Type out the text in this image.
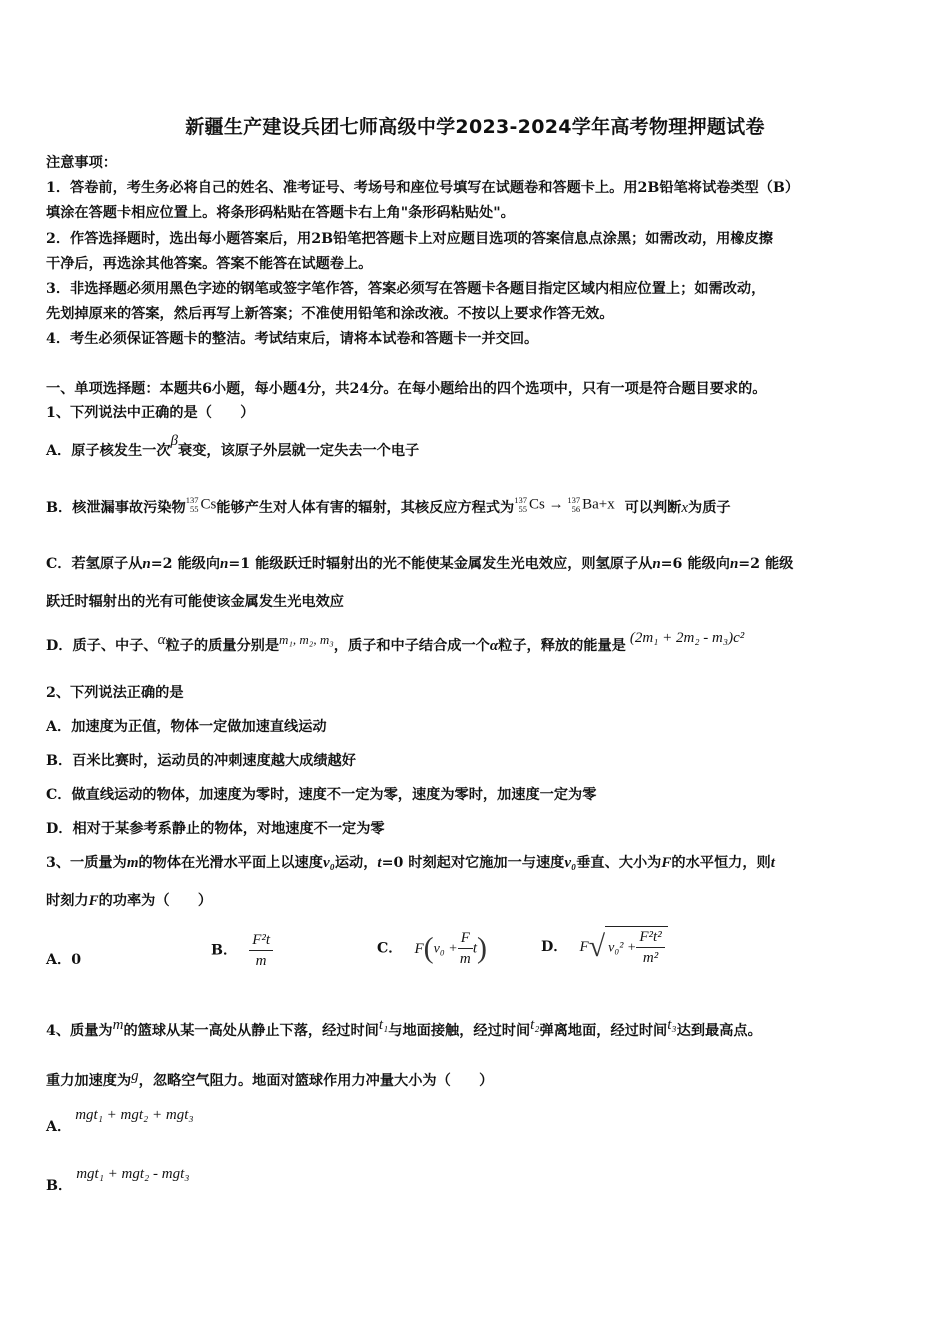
新疆生产建设兵团七师高级中学2023-2024学年高考物理押题试卷
注意事项：
1．答卷前，考生务必将自己的姓名、准考证号、考场号和座位号填写在试题卷和答题卡上。用2B铅笔将试卷类型（B）
填涂在答题卡相应位置上。将条形码粘贴在答题卡右上角"条形码粘贴处"。
2．作答选择题时，选出每小题答案后，用2B铅笔把答题卡上对应题目选项的答案信息点涂黑；如需改动，用橡皮擦
干净后，再选涂其他答案。答案不能答在试题卷上。
3．非选择题必须用黑色字迹的钢笔或签字笔作答，答案必须写在答题卡各题目指定区域内相应位置上；如需改动，
先划掉原来的答案，然后再写上新答案；不准使用铅笔和涂改液。不按以上要求作答无效。
4．考生必须保证答题卡的整洁。考试结束后，请将本试卷和答题卡一并交回。
一、单项选择题：本题共6小题，每小题4分，共24分。在每小题给出的四个选项中，只有一项是符合题目要求的。
1、下列说法中正确的是（　　）
A．原子核发生一次β衰变，该原子外层就一定失去一个电子
B．核泄漏事故污染物137
55 Cs能够产生对人体有害的辐射，其核反应方程式为137
55 Cs → 137
56 Ba+x 可以判断x为质子
C．若氢原子从n=2 能级向n=1 能级跃迁时辐射出的光不能使某金属发生光电效应，则氢原子从n=6 能级向n=2 能级
跃迁时辐射出的光有可能使该金属发生光电效应
D．质子、中子、α粒子的质量分别是m₁, m₂, m₃，质子和中子结合成一个α粒子，释放的能量是 (2m₁ + 2m₂ - m₃)c²
2、下列说法正确的是
A．加速度为正值，物体一定做加速直线运动
B．百米比赛时，运动员的冲刺速度越大成绩越好
C．做直线运动的物体，加速度为零时，速度不一定为零，速度为零时，加速度一定为零
D．相对于某参考系静止的物体，对地速度不一定为零
3、一质量为m的物体在光滑水平面上以速度v₀运动，t=0 时刻起对它施加一与速度v₀垂直、大小为F的水平恒力，则t
时刻力F的功率为（　　）
A．0
B． $\frac{\text{F²t}}{m}$	C． $F(v_0 + \frac{F}{m} t)$	D． F√ $v_0^2 + \frac{\text{F²t²}}{\text{m²}}$
4、质量为m的篮球从某一高处从静止下落，经过时间t₁与地面接触，经过时间t₂弹离地面，经过时间t₃达到最高点。
重力加速度为g，忽略空气阻力。地面对篮球作用力冲量大小为（　　）
A．mgt₁ + mgt₂ + mgt₃
B．mgt₁ + mgt₂ - mgt₃
